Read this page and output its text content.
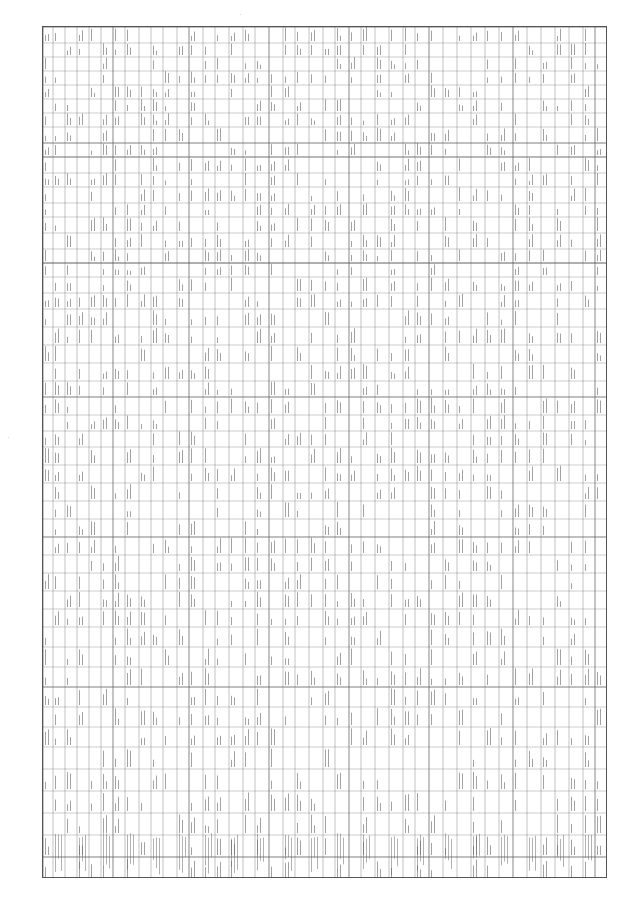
·
·
